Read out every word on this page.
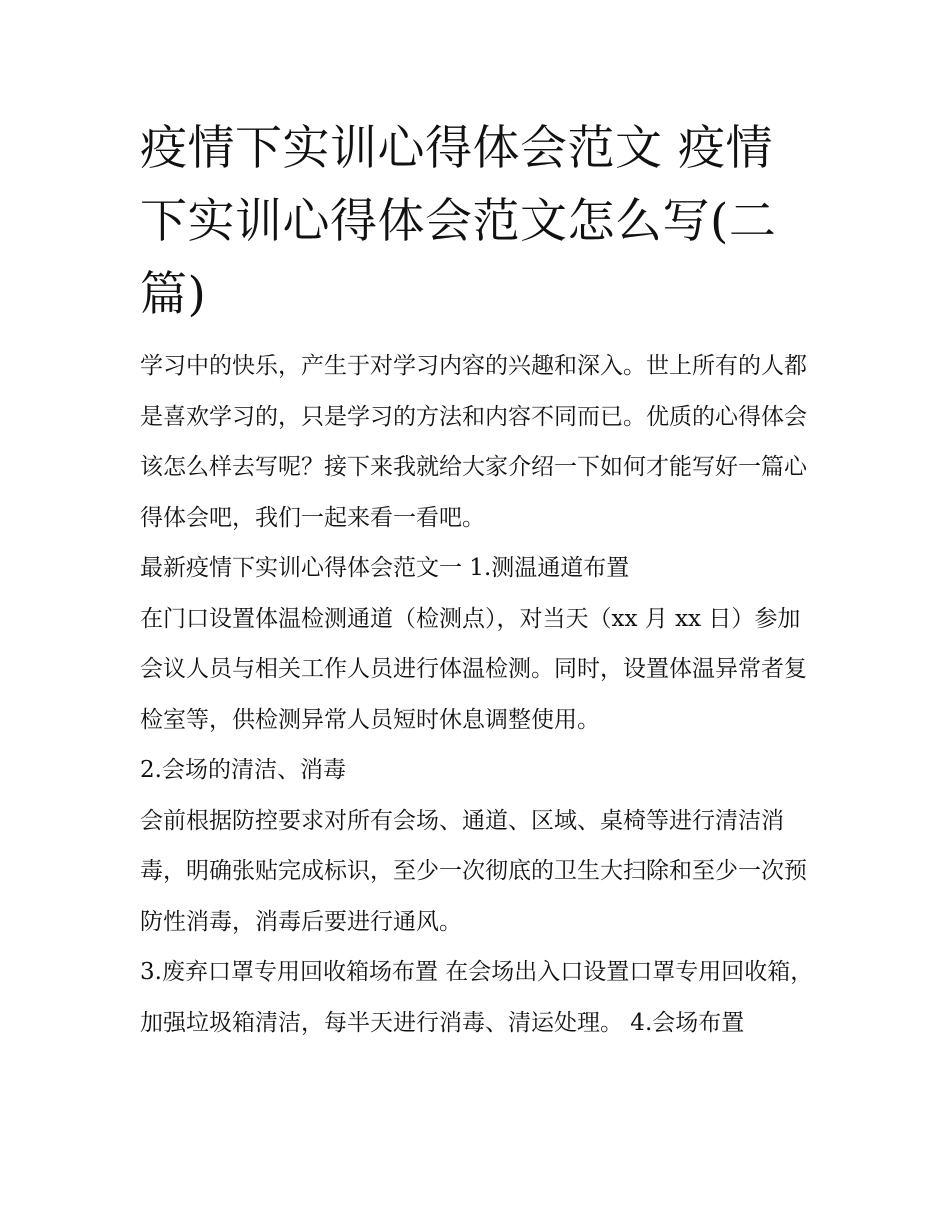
疫情下实训心得体会范文 疫情下实训心得体会范文怎么写(二篇)

学习中的快乐，产生于对学习内容的兴趣和深入。世上所有的人都是喜欢学习的，只是学习的方法和内容不同而已。优质的心得体会该怎么样去写呢？接下来我就给大家介绍一下如何才能写好一篇心得体会吧，我们一起来看一看吧。

最新疫情下实训心得体会范文一 1.测温通道布置

在门口设置体温检测通道（检测点），对当天（xx 月 xx 日）参加会议人员与相关工作人员进行体温检测。同时，设置体温异常者复检室等，供检测异常人员短时休息调整使用。

2.会场的清洁、消毒

会前根据防控要求对所有会场、通道、区域、桌椅等进行清洁消毒，明确张贴完成标识，至少一次彻底的卫生大扫除和至少一次预防性消毒，消毒后要进行通风。

3.废弃口罩专用回收箱场布置 在会场出入口设置口罩专用回收箱，加强垃圾箱清洁，每半天进行消毒、清运处理。 4.会场布置
